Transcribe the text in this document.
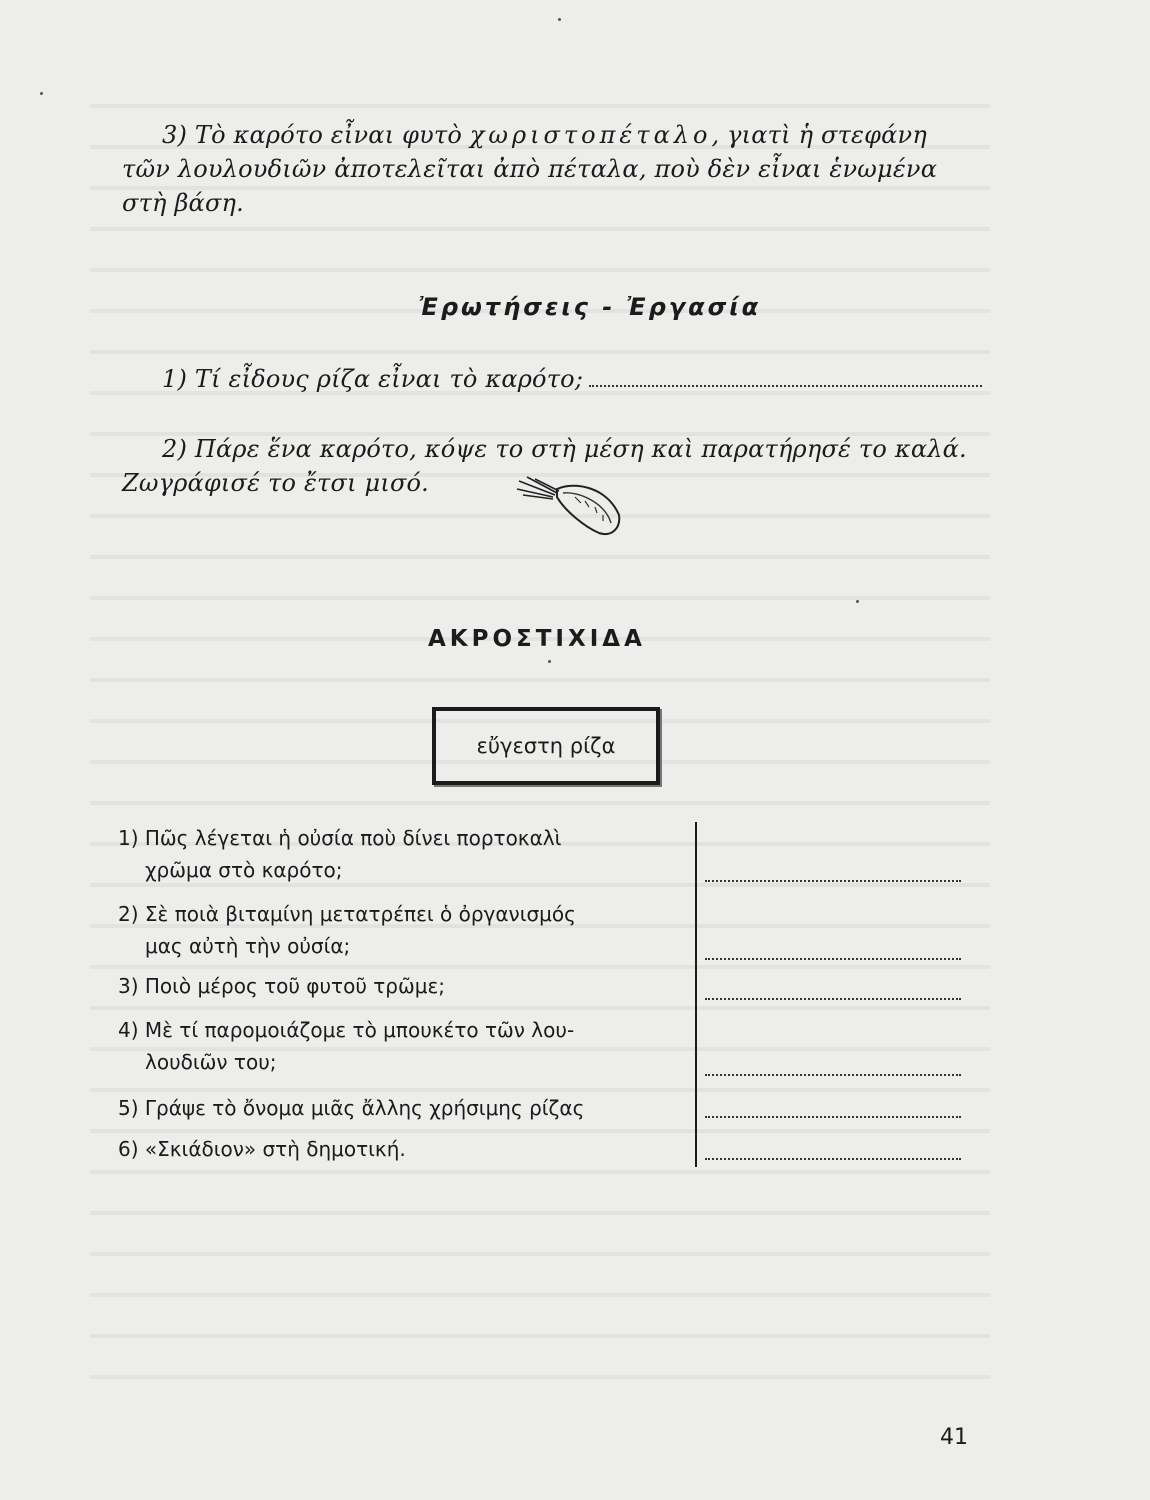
3) Τὸ καρότο εἶναι φυτὸ χωριστοπέταλο, γιατὶ ἡ στεφάνη τῶν λουλουδιῶν ἀποτελεῖται ἀπὸ πέταλα, ποὺ δὲν εἶναι ἑνωμένα στὴ βάση.

Ἐρωτήσεις - Ἐργασία
1) Τί εἶδους ρίζα εἶναι τὸ καρότο;

2) Πάρε ἕνα καρότο, κόψε το στὴ μέση καὶ παρατήρησέ το καλά. Ζωγράφισέ το ἔτσι μισό.

ΑΚΡΟΣΤΙΧΙΔΑ
εὔγεστη ρίζα
1) Πῶς λέγεται ἡ οὐσία ποὺ δίνει πορτοκαλὶ
χρῶμα στὸ καρότο;
2) Σὲ ποιὰ βιταμίνη μετατρέπει ὁ ὀργανισμός
μας αὐτὴ τὴν οὐσία;
3) Ποιὸ μέρος τοῦ φυτοῦ τρῶμε;
4) Μὲ τί παρομοιάζομε τὸ μπουκέτο τῶν λου-
λουδιῶν του;
5) Γράψε τὸ ὄνομα μιᾶς ἄλλης χρήσιμης ρίζας
6) «Σκιάδιον» στὴ δημοτική.
41
